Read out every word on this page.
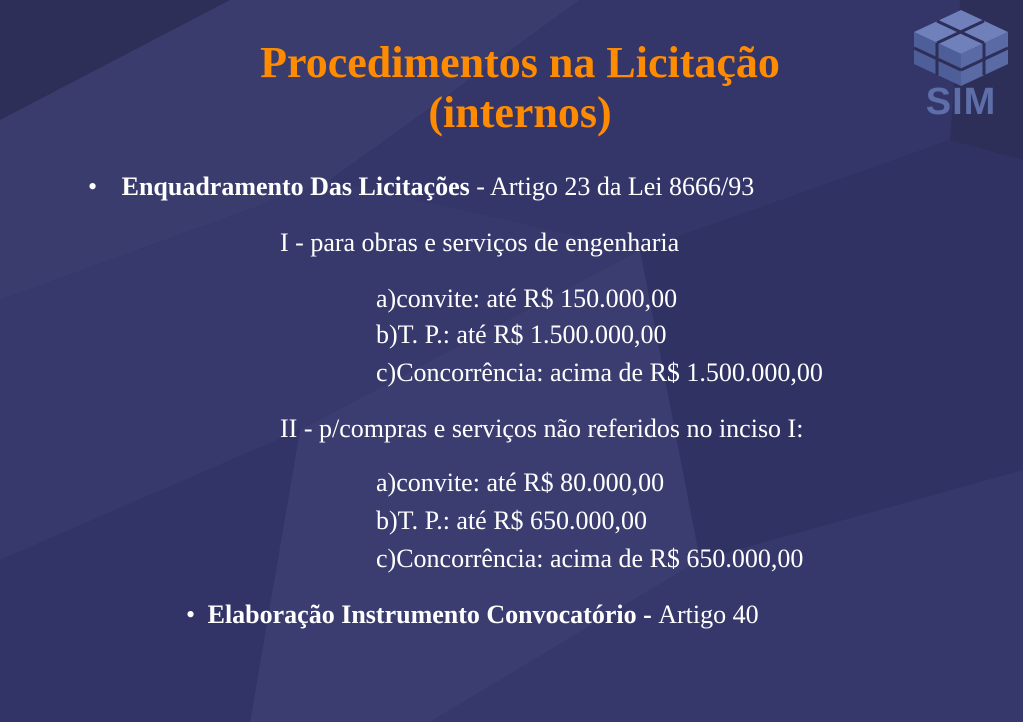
SIM
Procedimentos na Licitação
(internos)
• Enquadramento Das Licitações - Artigo 23 da Lei 8666/93
I - para obras e serviços de engenharia
a)convite: até R$ 150.000,00
b)T. P.: até R$ 1.500.000,00
c)Concorrência: acima de R$ 1.500.000,00
II - p/compras e serviços não referidos no inciso I:
a)convite: até R$ 80.000,00
b)T. P.: até R$ 650.000,00
c)Concorrência: acima de R$ 650.000,00
• Elaboração Instrumento Convocatório - Artigo 40
